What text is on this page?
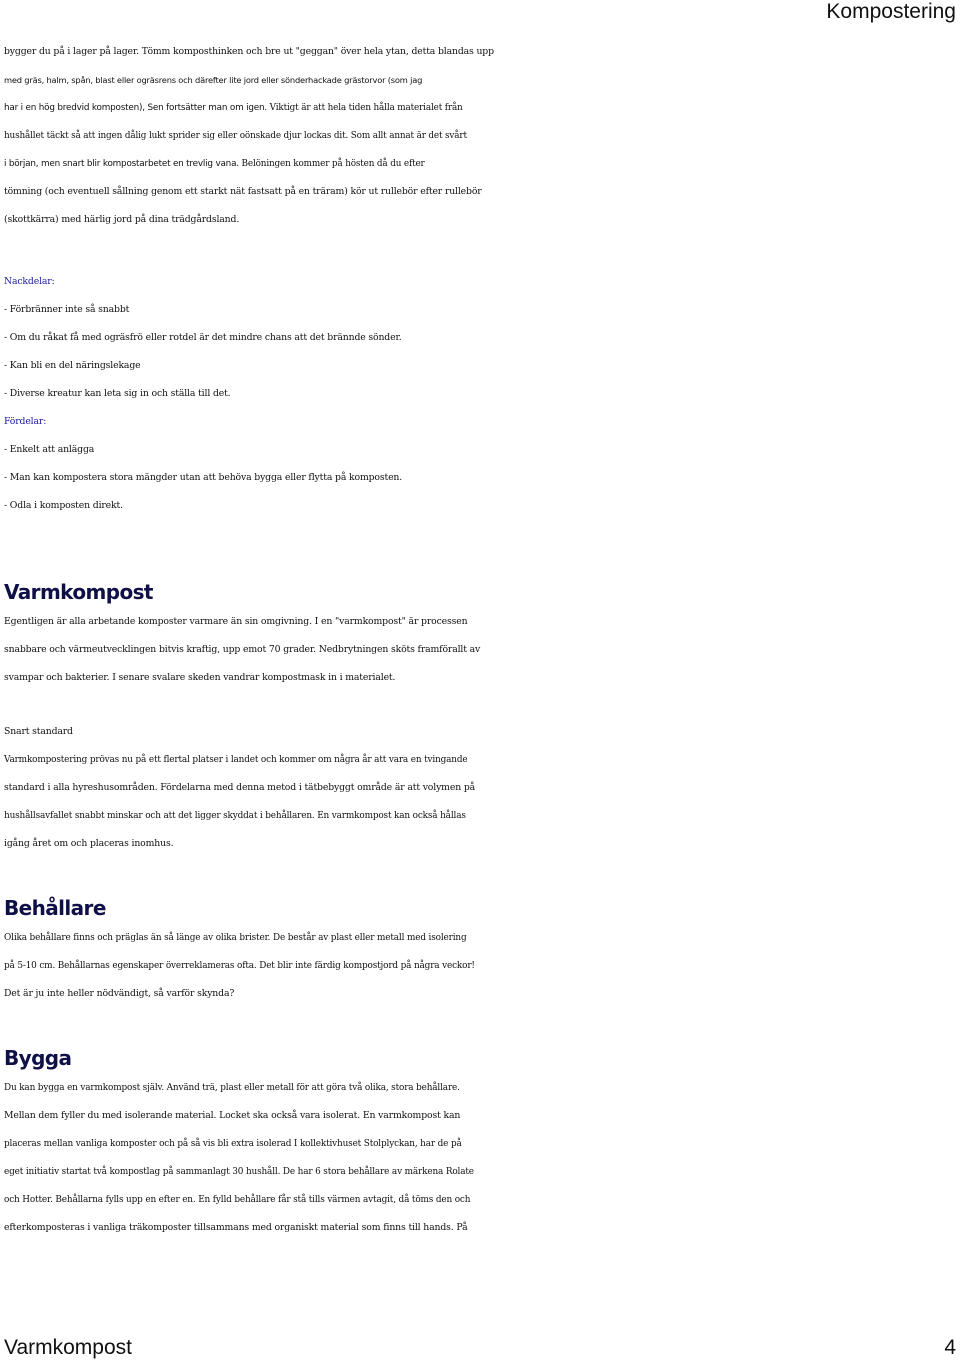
Kompostering
bygger du på i lager på lager. Tömm komposthinken och bre ut "geggan" över hela ytan, detta blandas upp
med gräs, halm, spån, blast eller ogräsrens och därefter lite jord eller sönderhackade grästorvor (som jag
har i en hög bredvid komposten), Sen fortsätter man om igen. Viktigt är att hela tiden hålla materialet från
hushållet täckt så att ingen dålig lukt sprider sig eller oönskade djur lockas dit. Som allt annat är det svårt
i början, men snart blir kompostarbetet en trevlig vana. Belöningen kommer på hösten då du efter
tömning (och eventuell sållning genom ett starkt nät fastsatt på en träram) kör ut rullebör efter rullebör
(skottkärra) med härlig jord på dina trädgårdsland.
Nackdelar:
- Förbränner inte så snabbt
- Om du råkat få med ogräsfrö eller rotdel är det mindre chans att det brännde sönder.
- Kan bli en del näringslekage
- Diverse kreatur kan leta sig in och ställa till det.
Fördelar:
- Enkelt att anlägga
- Man kan kompostera stora mängder utan att behöva bygga eller flytta på komposten.
- Odla i komposten direkt.
Varmkompost
Egentligen är alla arbetande komposter varmare än sin omgivning. I en "varmkompost" är processen
snabbare och värmeutvecklingen bitvis kraftig, upp emot 70 grader. Nedbrytningen sköts framförallt av
svampar och bakterier. I senare svalare skeden vandrar kompostmask in i materialet.
Snart standard
Varmkompostering prövas nu på ett flertal platser i landet och kommer om några år att vara en tvingande
standard i alla hyreshusområden. Fördelarna med denna metod i tätbebyggt område är att volymen på
hushållsavfallet snabbt minskar och att det ligger skyddat i behållaren. En varmkompost kan också hållas
igång året om och placeras inomhus.
Behållare
Olika behållare finns och präglas än så länge av olika brister. De består av plast eller metall med isolering
på 5-10 cm. Behållarnas egenskaper överreklameras ofta. Det blir inte färdig kompostjord på några veckor!
Det är ju inte heller nödvändigt, så varför skynda?
Bygga
Du kan bygga en varmkompost själv. Använd trä, plast eller metall för att göra två olika, stora behållare.
Mellan dem fyller du med isolerande material. Locket ska också vara isolerat. En varmkompost kan
placeras mellan vanliga komposter och på så vis bli extra isolerad I kollektivhuset Stolplyckan, har de på
eget initiativ startat två kompostlag på sammanlagt 30 hushåll. De har 6 stora behållare av märkena Rolate
och Hotter. Behållarna fylls upp en efter en. En fylld behållare får stå tills värmen avtagit, då töms den och
efterkomposteras i vanliga träkomposter tillsammans med organiskt material som finns till hands. På
Varmkompost	4
